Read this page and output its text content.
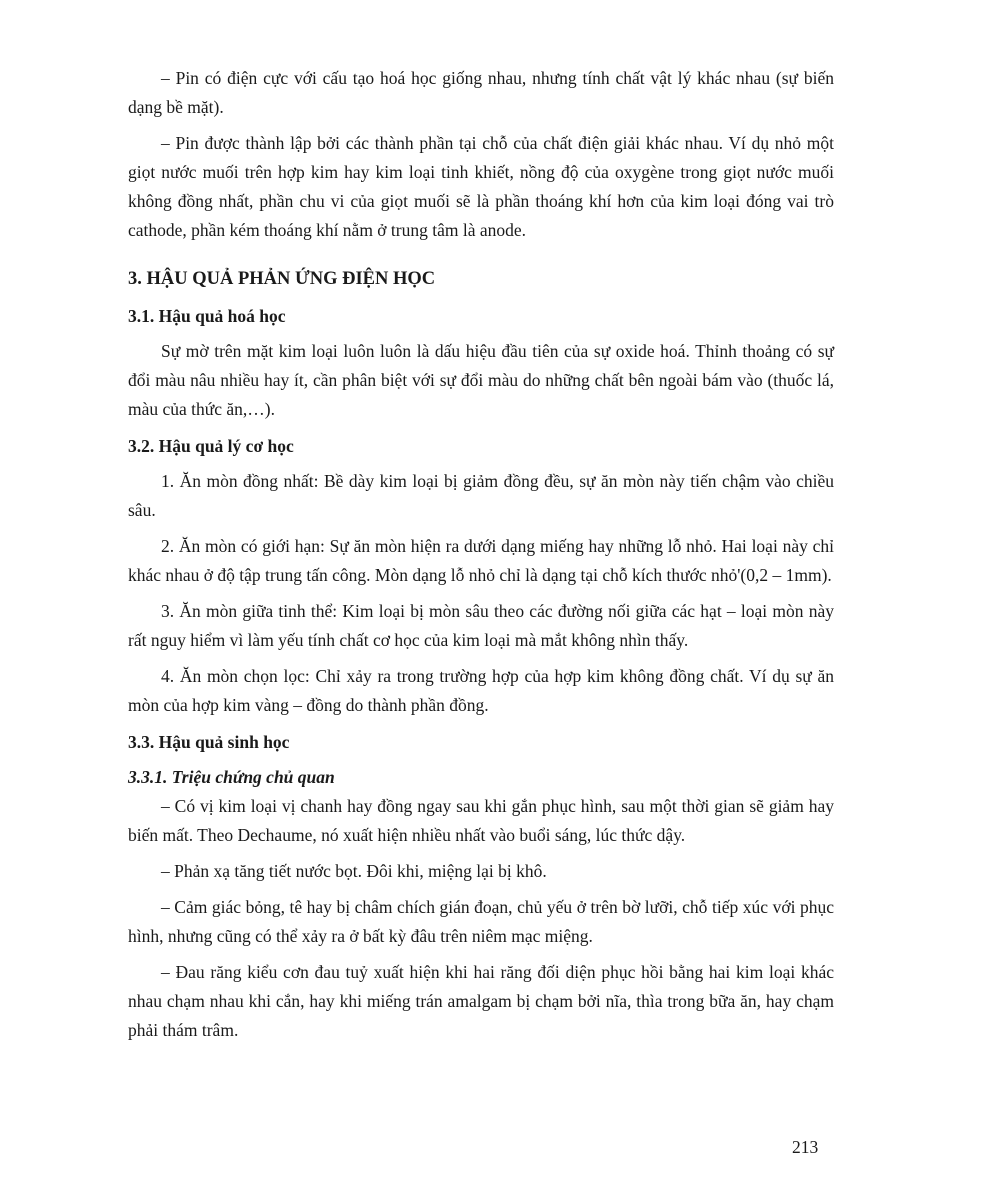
– Pin có điện cực với cấu tạo hoá học giống nhau, nhưng tính chất vật lý khác nhau (sự biến dạng bề mặt).

– Pin được thành lập bởi các thành phần tại chỗ của chất điện giải khác nhau. Ví dụ nhỏ một giọt nước muối trên hợp kim hay kim loại tinh khiết, nồng độ của oxygène trong giọt nước muối không đồng nhất, phần chu vi của giọt muối sẽ là phần thoáng khí hơn của kim loại đóng vai trò cathode, phần kém thoáng khí nằm ở trung tâm là anode.

3. HẬU QUẢ PHẢN ỨNG ĐIỆN HỌC
3.1. Hậu quả hoá học

Sự mờ trên mặt kim loại luôn luôn là dấu hiệu đầu tiên của sự oxide hoá. Thỉnh thoảng có sự đổi màu nâu nhiều hay ít, cần phân biệt với sự đổi màu do những chất bên ngoài bám vào (thuốc lá, màu của thức ăn,…).

3.2. Hậu quả lý cơ học

1. Ăn mòn đồng nhất: Bề dày kim loại bị giảm đồng đều, sự ăn mòn này tiến chậm vào chiều sâu.

2. Ăn mòn có giới hạn: Sự ăn mòn hiện ra dưới dạng miếng hay những lỗ nhỏ. Hai loại này chỉ khác nhau ở độ tập trung tấn công. Mòn dạng lỗ nhỏ chỉ là dạng tại chỗ kích thước nhỏ'(0,2 – 1mm).

3. Ăn mòn giữa tinh thể: Kim loại bị mòn sâu theo các đường nối giữa các hạt – loại mòn này rất nguy hiểm vì làm yếu tính chất cơ học của kim loại mà mắt không nhìn thấy.

4. Ăn mòn chọn lọc: Chỉ xảy ra trong trường hợp của hợp kim không đồng chất. Ví dụ sự ăn mòn của hợp kim vàng – đồng do thành phần đồng.

3.3. Hậu quả sinh học
3.3.1. Triệu chứng chủ quan

– Có vị kim loại vị chanh hay đồng ngay sau khi gắn phục hình, sau một thời gian sẽ giảm hay biến mất. Theo Dechaume, nó xuất hiện nhiều nhất vào buổi sáng, lúc thức dậy.

– Phản xạ tăng tiết nước bọt. Đôi khi, miệng lại bị khô.

– Cảm giác bỏng, tê hay bị châm chích gián đoạn, chủ yếu ở trên bờ lưỡi, chỗ tiếp xúc với phục hình, nhưng cũng có thể xảy ra ở bất kỳ đâu trên niêm mạc miệng.

– Đau răng kiểu cơn đau tuỷ xuất hiện khi hai răng đối diện phục hồi bằng hai kim loại khác nhau chạm nhau khi cắn, hay khi miếng trán amalgam bị chạm bởi nĩa, thìa trong bữa ăn, hay chạm phải thám trâm.

213
